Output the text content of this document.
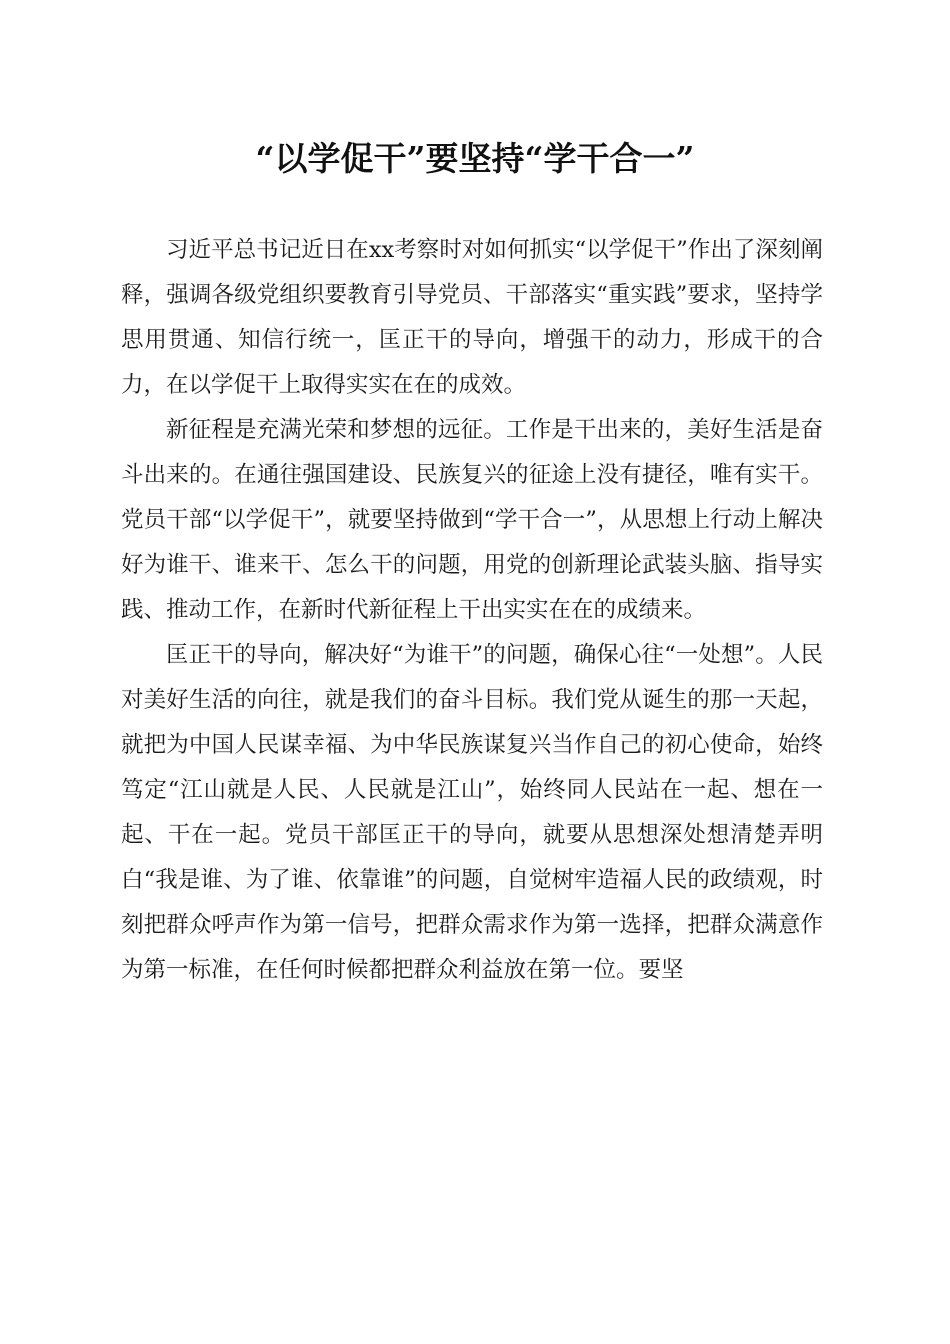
“以学促干”要坚持“学干合一”

习近平总书记近日在xx考察时对如何抓实“以学促干”作出了深刻阐释，强调各级党组织要教育引导党员、干部落实“重实践”要求，坚持学思用贯通、知信行统一，匡正干的导向，增强干的动力，形成干的合力，在以学促干上取得实实在在的成效。

新征程是充满光荣和梦想的远征。工作是干出来的，美好生活是奋斗出来的。在通往强国建设、民族复兴的征途上没有捷径，唯有实干。党员干部“以学促干”，就要坚持做到“学干合一”，从思想上行动上解决好为谁干、谁来干、怎么干的问题，用党的创新理论武装头脑、指导实践、推动工作，在新时代新征程上干出实实在在的成绩来。

匡正干的导向，解决好“为谁干”的问题，确保心往“一处想”。人民对美好生活的向往，就是我们的奋斗目标。我们党从诞生的那一天起，就把为中国人民谋幸福、为中华民族谋复兴当作自己的初心使命，始终笃定“江山就是人民、人民就是江山”，始终同人民站在一起、想在一起、干在一起。党员干部匡正干的导向，就要从思想深处想清楚弄明白“我是谁、为了谁、依靠谁”的问题，自觉树牢造福人民的政绩观，时刻把群众呼声作为第一信号，把群众需求作为第一选择，把群众满意作为第一标准，在任何时候都把群众利益放在第一位。要坚
